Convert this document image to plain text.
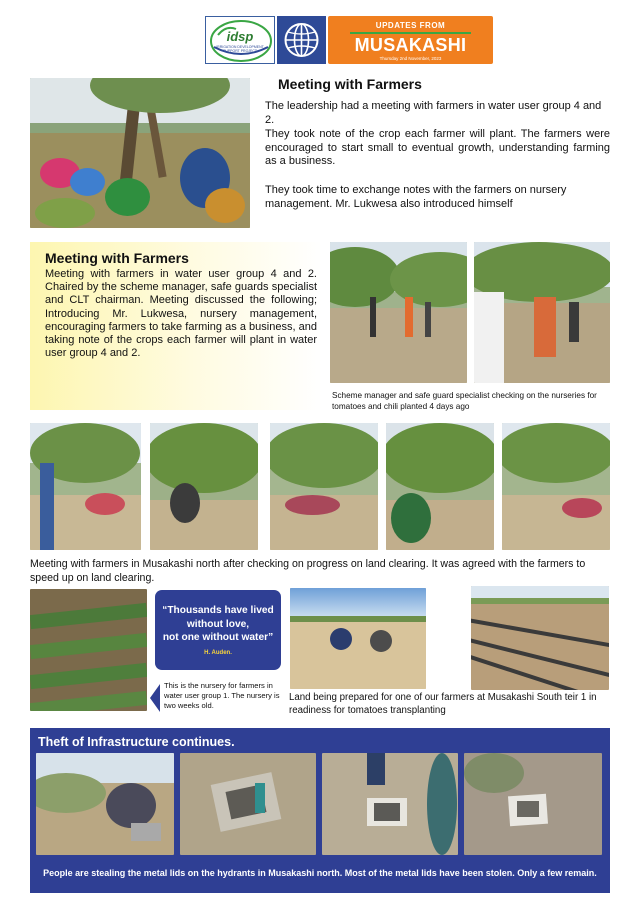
idsp
IRRIGATION DEVELOPMENT SUPPORT PROJECT
UPDATES FROM
MUSAKASHI
Thursday 2nd November, 2023
Meeting with Farmers
The leadership had a meeting with farmers in water user group 4 and 2.
They took note of the crop each farmer will plant. The farmers were encouraged to start small to eventual growth, understanding farming as a business.
They took time to exchange notes with the farmers on nursery management. Mr. Lukwesa also introduced himself
Meeting with Farmers
Meeting with farmers in water user group 4 and 2. Chaired by the scheme manager, safe guards specialist and CLT chairman. Meeting discussed the following; Introducing Mr. Lukwesa, nursery management, encouraging farmers to take farming as a business, and taking note of the crops each farmer will plant in water user group 4 and 2.
Scheme manager and safe guard specialist checking on the nurseries for tomatoes and chili planted 4 days ago
Meeting with farmers in Musakashi north after checking on progress on land clearing. It was agreed with the farmers to speed up on land clearing.
“Thousands have lived
without love,
not one without water”
H. Auden.
This is the nursery for farmers in water user group 1. The nursery is two weeks old.
Land being prepared for one of our farmers at Musakashi South teir 1 in readiness for tomatoes transplanting
Theft of Infrastructure continues.
People are stealing the metal lids on the hydrants in Musakashi north. Most of the metal lids have been stolen. Only a few remain.
